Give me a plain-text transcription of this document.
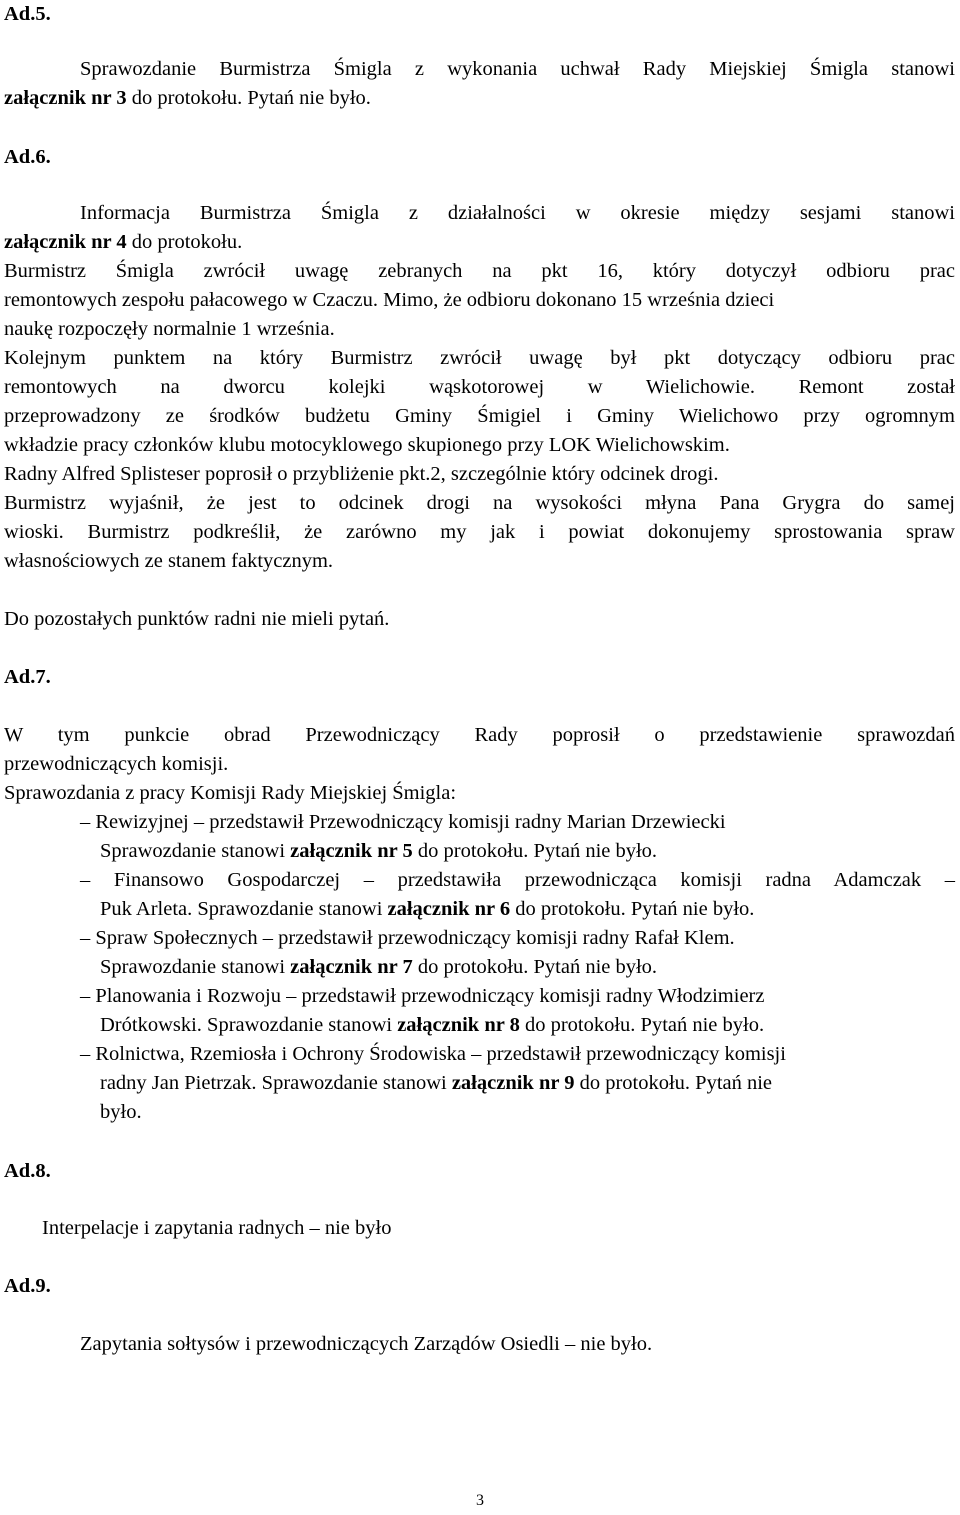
Ad.5.
Sprawozdanie Burmistrza Śmigla z wykonania uchwał Rady Miejskiej Śmigla stanowi
załącznik nr 3 do protokołu. Pytań nie było.
Ad.6.
Informacja Burmistrza Śmigla z działalności w okresie między sesjami stanowi
załącznik nr 4 do protokołu.
Burmistrz Śmigla zwrócił uwagę zebranych na pkt 16, który dotyczył odbioru prac
remontowych zespołu pałacowego w Czaczu. Mimo, że odbioru dokonano 15 września dzieci
naukę rozpoczęły normalnie 1 września.
Kolejnym punktem na który Burmistrz zwrócił uwagę był pkt dotyczący odbioru prac
remontowych na dworcu kolejki wąskotorowej w Wielichowie. Remont został
przeprowadzony ze środków budżetu Gminy Śmigiel i Gminy Wielichowo przy ogromnym
wkładzie pracy członków klubu motocyklowego skupionego przy LOK Wielichowskim.
Radny Alfred Splisteser poprosił o przybliżenie pkt.2, szczególnie który odcinek drogi.
Burmistrz wyjaśnił, że jest to odcinek drogi na wysokości młyna Pana Grygra do samej
wioski. Burmistrz podkreślił, że zarówno my jak i powiat dokonujemy sprostowania spraw
własnościowych ze stanem faktycznym.
Do pozostałych punktów radni nie mieli pytań.
Ad.7.
W tym punkcie obrad Przewodniczący Rady poprosił o przedstawienie sprawozdań
przewodniczących komisji.
Sprawozdania z pracy Komisji Rady Miejskiej Śmigla:
– Rewizyjnej – przedstawił Przewodniczący komisji radny Marian Drzewiecki
Sprawozdanie stanowi załącznik nr 5 do protokołu. Pytań nie było.
– Finansowo Gospodarczej – przedstawiła przewodnicząca komisji radna Adamczak –
Puk Arleta. Sprawozdanie stanowi załącznik nr 6 do protokołu. Pytań nie było.
– Spraw Społecznych – przedstawił przewodniczący komisji radny Rafał Klem.
Sprawozdanie stanowi załącznik nr 7 do protokołu. Pytań nie było.
– Planowania i Rozwoju – przedstawił przewodniczący komisji radny Włodzimierz
Drótkowski. Sprawozdanie stanowi załącznik nr 8 do protokołu. Pytań nie było.
– Rolnictwa, Rzemiosła i Ochrony Środowiska – przedstawił przewodniczący komisji
radny Jan Pietrzak. Sprawozdanie stanowi załącznik nr 9 do protokołu. Pytań nie
było.
Ad.8.
Interpelacje i zapytania radnych – nie było
Ad.9.
Zapytania sołtysów i przewodniczących Zarządów Osiedli – nie było.
3
